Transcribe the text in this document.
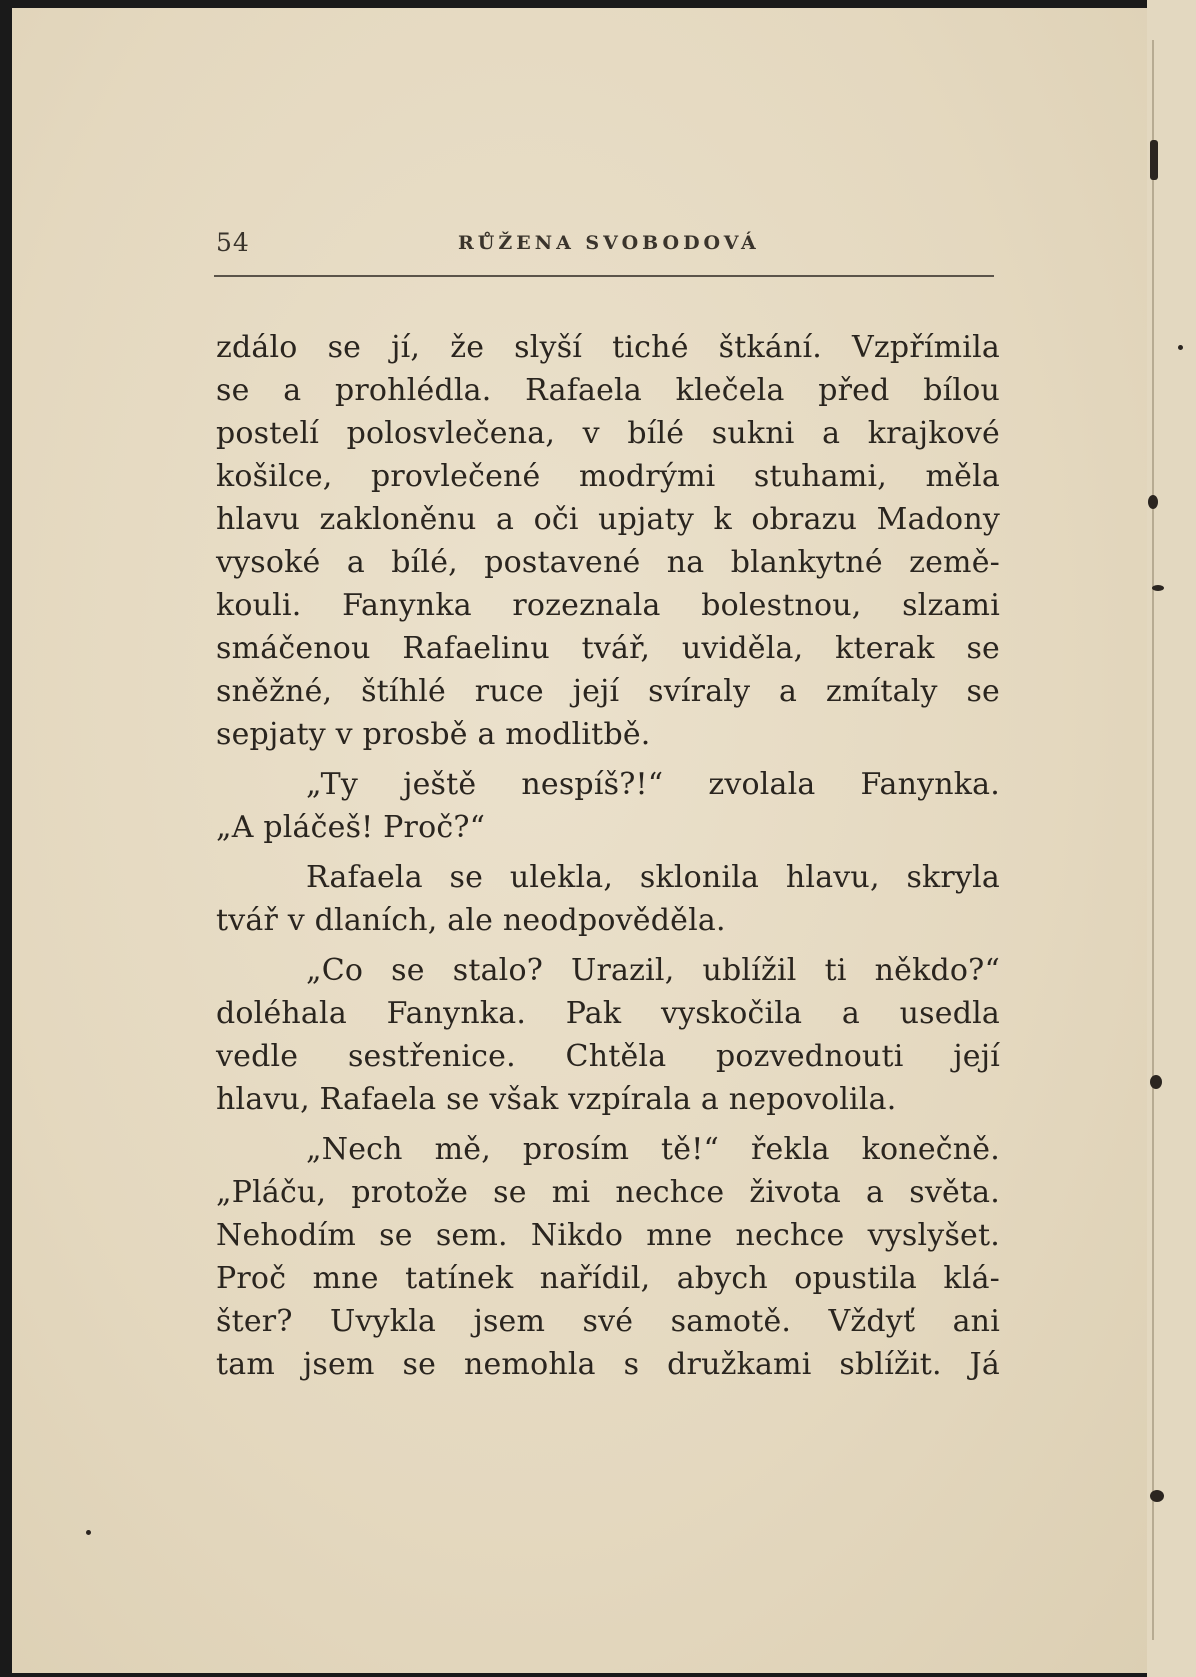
54	RŮŽENA SVOBODOVÁ
zdálo se jí, že slyší tiché štkání. Vzpřímila
se a prohlédla. Rafaela klečela před bílou
postelí polosvlečena, v bílé sukni a krajkové
košilce, provlečené modrými stuhami, měla
hlavu zakloněnu a oči upjaty k obrazu Madony
vysoké a bílé, postavené na blankytné země-
kouli. Fanynka rozeznala bolestnou, slzami
smáčenou Rafaelinu tvář, uviděla, kterak se
sněžné, štíhlé ruce její svíraly a zmítaly se
sepjaty v prosbě a modlitbě.
„Ty ještě nespíš?!“ zvolala Fanynka.
„A pláčeš! Proč?“
Rafaela se ulekla, sklonila hlavu, skryla
tvář v dlaních, ale neodpověděla.
„Co se stalo? Urazil, ublížil ti někdo?“
doléhala Fanynka. Pak vyskočila a usedla
vedle sestřenice. Chtěla pozvednouti její
hlavu, Rafaela se však vzpírala a nepovolila.
„Nech mě, prosím tě!“ řekla konečně.
„Pláču, protože se mi nechce života a světa.
Nehodím se sem. Nikdo mne nechce vyslyšet.
Proč mne tatínek nařídil, abych opustila klá-
šter? Uvykla jsem své samotě. Vždyť ani
tam jsem se nemohla s družkami sblížit. Já
